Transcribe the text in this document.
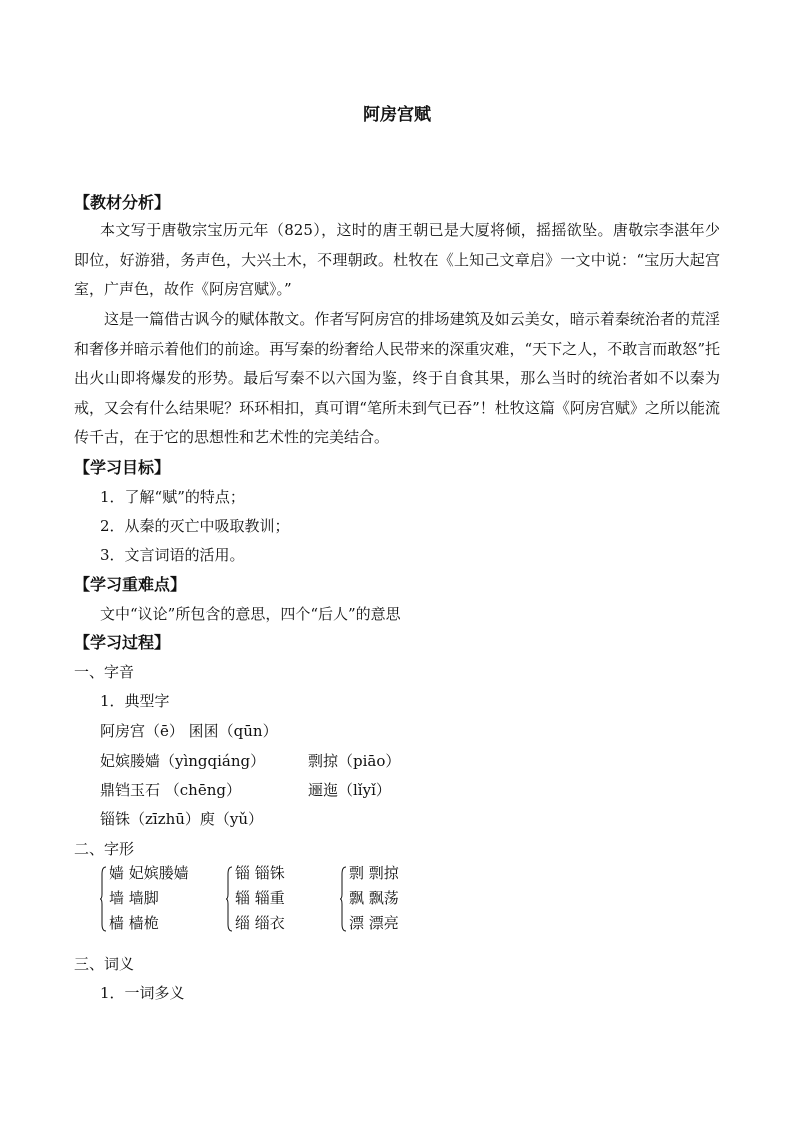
阿房宫赋
【教材分析】

本文写于唐敬宗宝历元年（825），这时的唐王朝已是大厦将倾，摇摇欲坠。唐敬宗李湛年少即位，好游猎，务声色，大兴土木，不理朝政。杜牧在《上知己文章启》一文中说：“宝历大起宫室，广声色，故作《阿房宫赋》。”

这是一篇借古讽今的赋体散文。作者写阿房宫的排场建筑及如云美女，暗示着秦统治者的荒淫和奢侈并暗示着他们的前途。再写秦的纷奢给人民带来的深重灾难，“天下之人，不敢言而敢怒”托出火山即将爆发的形势。最后写秦不以六国为鉴，终于自食其果，那么当时的统治者如不以秦为戒，又会有什么结果呢？环环相扣，真可谓“笔所未到气已吞”！杜牧这篇《阿房宫赋》之所以能流传千古，在于它的思想性和艺术性的完美结合。

【学习目标】
1．了解“赋”的特点；
2．从秦的灭亡中吸取教训；
3．文言词语的活用。
【学习重难点】
文中“议论”所包含的意思，四个“后人”的意思
【学习过程】
一、字音
1．典型字
阿房宫（ē） 囷囷（qūn）
妃嫔媵嫱（yìngqiáng）	剽掠（piāo）
鼎铛玉石 （chēng）	逦迤（lǐyǐ）
锱铢（zīzhū）庾（yǔ）
二、字形
嫱 妃嫔媵嫱
墙 墙脚
樯 樯桅
锱 锱铢
辎 辎重
缁 缁衣
剽 剽掠
飘 飘荡
漂 漂亮
三、词义
1．一词多义
